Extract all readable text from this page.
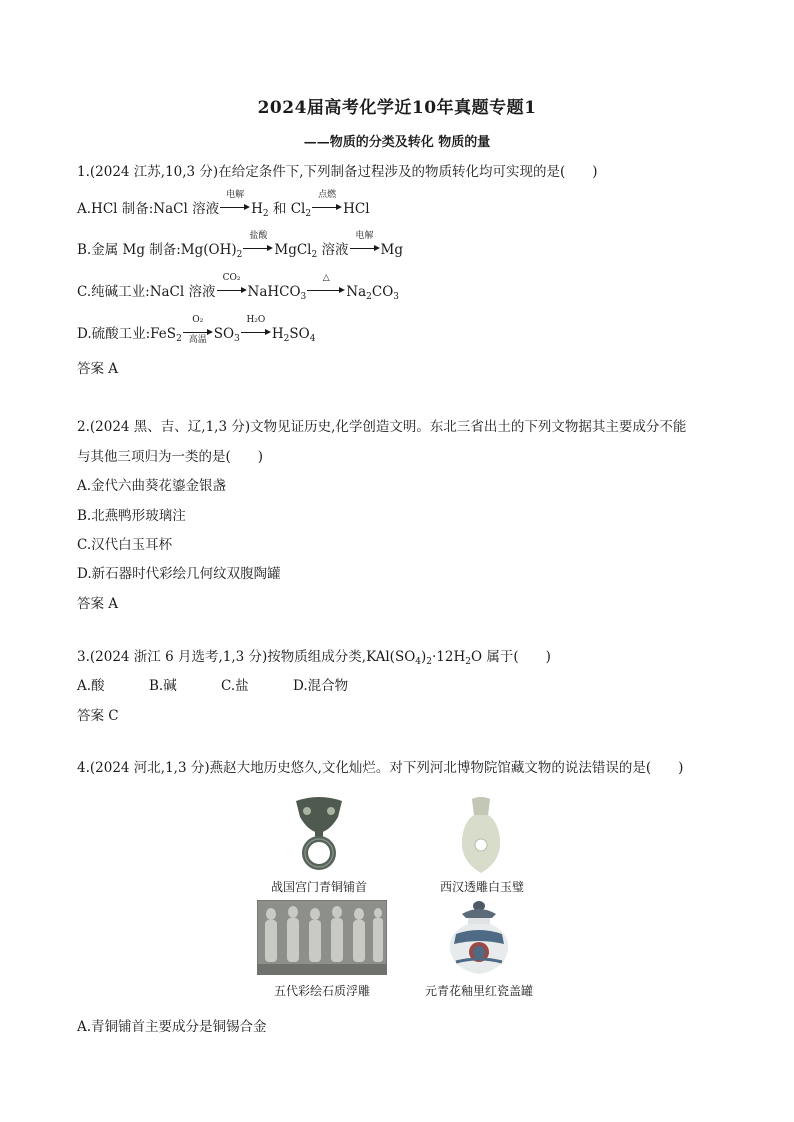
2024届高考化学近10年真题专题1
——物质的分类及转化 物质的量
1.(2024 江苏,10,3 分)在给定条件下,下列制备过程涉及的物质转化均可实现的是(　　)
A.HCl 制备:NaCl 溶液
电解
$H_2$ 和 $Cl_2$
点燃
HCl
B.金属 Mg 制备$:Mg(OH)_2$
盐酸
MgCl$_2$ 溶液
电解
Mg
C.纯碱工业:NaCl 溶液
CO₂
NaHCO$_3$
△
$Na_2CO_3$
D.硫酸工业:FeS$_2$
O₂
高温 $SO_3$
H₂O
$H_2SO_4$
答案 A
2.(2024 黑、吉、辽,1,3 分)文物见证历史,化学创造文明。东北三省出土的下列文物据其主要成分不能
与其他三项归为一类的是(　　)
A.金代六曲葵花鎏金银盏
B.北燕鸭形玻璃注
C.汉代白玉耳杯
D.新石器时代彩绘几何纹双腹陶罐
答案 A
3.(2024 浙江 6 月选考,1,3 分)按物质组成分类$,KAl(SO_4)_2\cdot 12H_2O$ 属于(　　)
A.酸	B.碱	C.盐	D.混合物
答案 C
4.(2024 河北,1,3 分)燕赵大地历史悠久,文化灿烂。对下列河北博物院馆藏文物的说法错误的是(　　)
战国宫门青铜铺首	西汉透雕白玉璧
五代彩绘石质浮雕	元青花釉里红瓷盖罐
A.青铜铺首主要成分是铜锡合金
